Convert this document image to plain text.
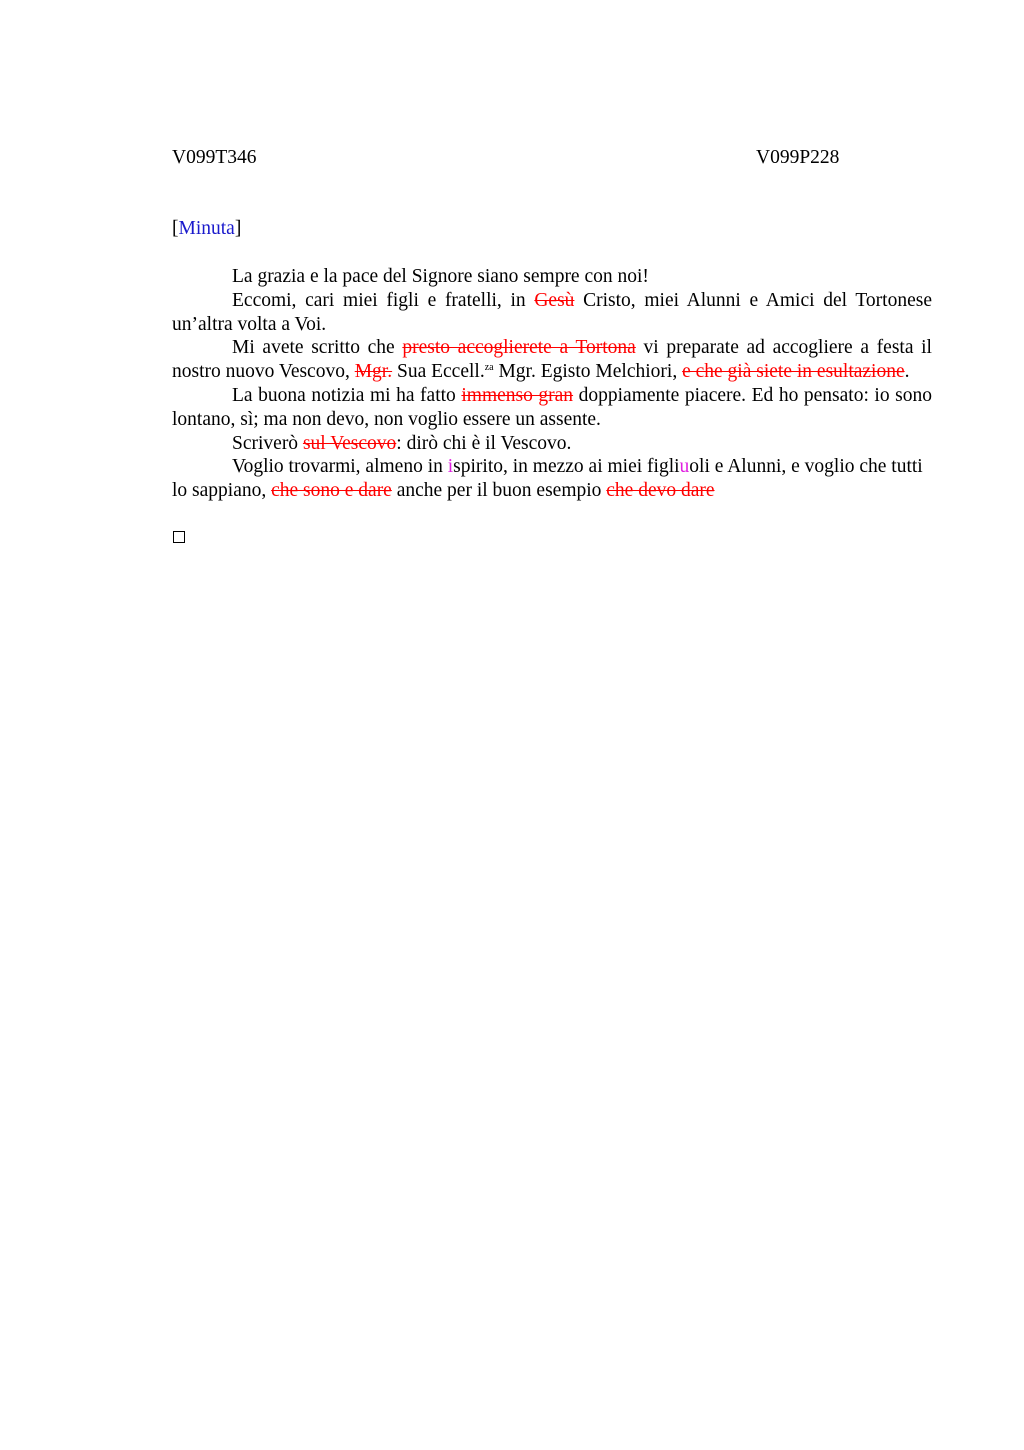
V099T346	V099P228
[Minuta]

La grazia e la pace del Signore siano sempre con noi!

Eccomi, cari miei figli e fratelli, in Gesù Cristo, miei Alunni e Amici del Tortonese un’altra volta a Voi.

Mi avete scritto che presto accoglierete a Tortona vi preparate ad accogliere a festa il nostro nuovo Vescovo, Mgr. Sua Eccell.$^{za}$ Mgr. Egisto Melchiori, e che già siete in esultazione.

La buona notizia mi ha fatto immenso gran doppiamente piacere. Ed ho pensato: io sono lontano, sì; ma non devo, non voglio essere un assente.

Scriverò sul Vescovo: dirò chi è il Vescovo.

Voglio trovarmi, almeno in ispirito, in mezzo ai miei figliuoli e Alunni, e voglio che tutti lo sappiano, che sono e dare anche per il buon esempio che devo dare
